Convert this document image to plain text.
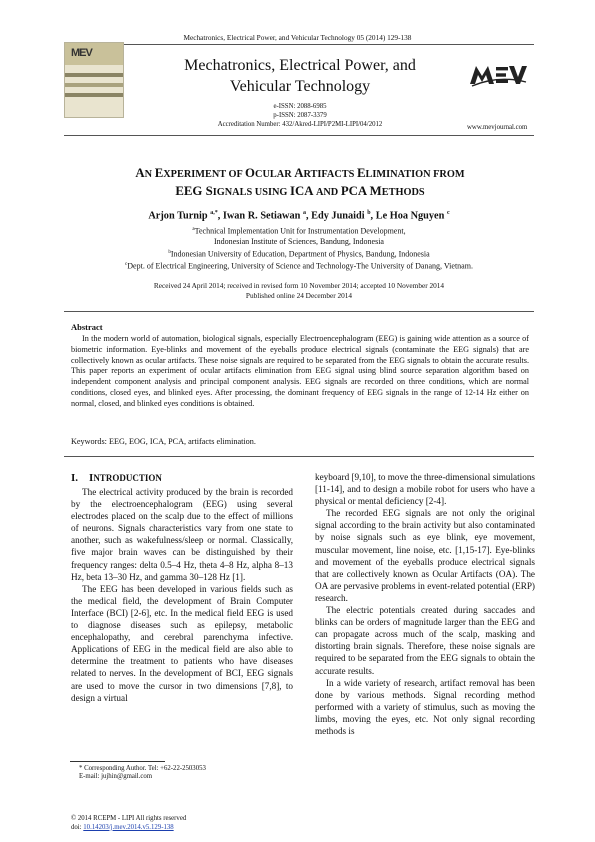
Mechatronics, Electrical Power, and Vehicular Technology 05 (2014) 129-138
MEV
Mechatronics, Electrical Power, and
Vehicular Technology
e-ISSN: 2088-6985
p-ISSN: 2087-3379
Accreditation Number: 432/Akred-LIPI/P2MI-LIPI/04/2012	www.mevjournal.com
AN EXPERIMENT OF OCULAR ARTIFACTS ELIMINATION FROM
EEG SIGNALS USING ICA AND PCA METHODS
Arjon Turnip $^{a,*}$, Iwan R. Setiawan $^a$, Edy Junaidi $^b$, Le Hoa Nguyen $^c$
$^a$Technical Implementation Unit for Instrumentation Development,
Indonesian Institute of Sciences, Bandung, Indonesia
$^b$Indonesian University of Education, Department of Physics, Bandung, Indonesia
$^c$Dept. of Electrical Engineering, University of Science and Technology-The University of Danang, Vietnam.
Received 24 April 2014; received in revised form 10 November 2014; accepted 10 November 2014
Published online 24 December 2014
Abstract

In the modern world of automation, biological signals, especially Electroencephalogram (EEG) is gaining wide attention as a source of biometric information. Eye-blinks and movement of the eyeballs produce electrical signals (contaminate the EEG signals) that are collectively known as ocular artifacts. These noise signals are required to be separated from the EEG signals to obtain the accurate results. This paper reports an experiment of ocular artifacts elimination from EEG signal using blind source separation algorithm based on independent component analysis and principal component analysis. EEG signals are recorded on three conditions, which are normal conditions, closed eyes, and blinked eyes. After processing, the dominant frequency of EEG signals in the range of 12-14 Hz either on normal, closed, and blinked eyes conditions is obtained.

Keywords: EEG, EOG, ICA, PCA, artifacts elimination.
I. INTRODUCTION

The electrical activity produced by the brain is recorded by the electroencephalogram (EEG) using several electrodes placed on the scalp due to the effect of millions of neurons. Signals characteristics vary from one state to another, such as wakefulness/sleep or normal. Classically, five major brain waves can be distinguished by their frequency ranges: delta 0.5–4 Hz, theta 4–8 Hz, alpha 8–13 Hz, beta 13–30 Hz, and gamma 30–128 Hz [1].

The EEG has been developed in various fields such as the medical field, the development of Brain Computer Interface (BCI) [2-6], etc. In the medical field EEG is used to diagnose diseases such as epilepsy, metabolic encephalopathy, and cerebral parenchyma infective. Applications of EEG in the medical field are also able to determine the treatment to patients who have diseases related to nerves. In the development of BCI, EEG signals are used to move the cursor in two dimensions [7,8], to design a virtual

keyboard [9,10], to move the three-dimensional simulations [11-14], and to design a mobile robot for users who have a physical or mental deficiency [2-4].

The recorded EEG signals are not only the original signal according to the brain activity but also contaminated by noise signals such as eye blink, eye movement, muscular movement, line noise, etc. [1,15-17]. Eye-blinks and movement of the eyeballs produce electrical signals that are collectively known as Ocular Artifacts (OA). The OA are pervasive problems in event-related potential (ERP) research.

The electric potentials created during saccades and blinks can be orders of magnitude larger than the EEG and can propagate across much of the scalp, masking and distorting brain signals. Therefore, these noise signals are required to be separated from the EEG signals to obtain the accurate results.

In a wide variety of research, artifact removal has been done by various methods. Signal recording method performed with a variety of stimulus, such as moving the limbs, moving the eyes, etc. Not only signal recording methods is

* Corresponding Author. Tel: +62-22-2503053
E-mail: jujhin@gmail.com
© 2014 RCEPM - LIPI All rights reserved
doi: 10.14203/j.mev.2014.v5.129-138
